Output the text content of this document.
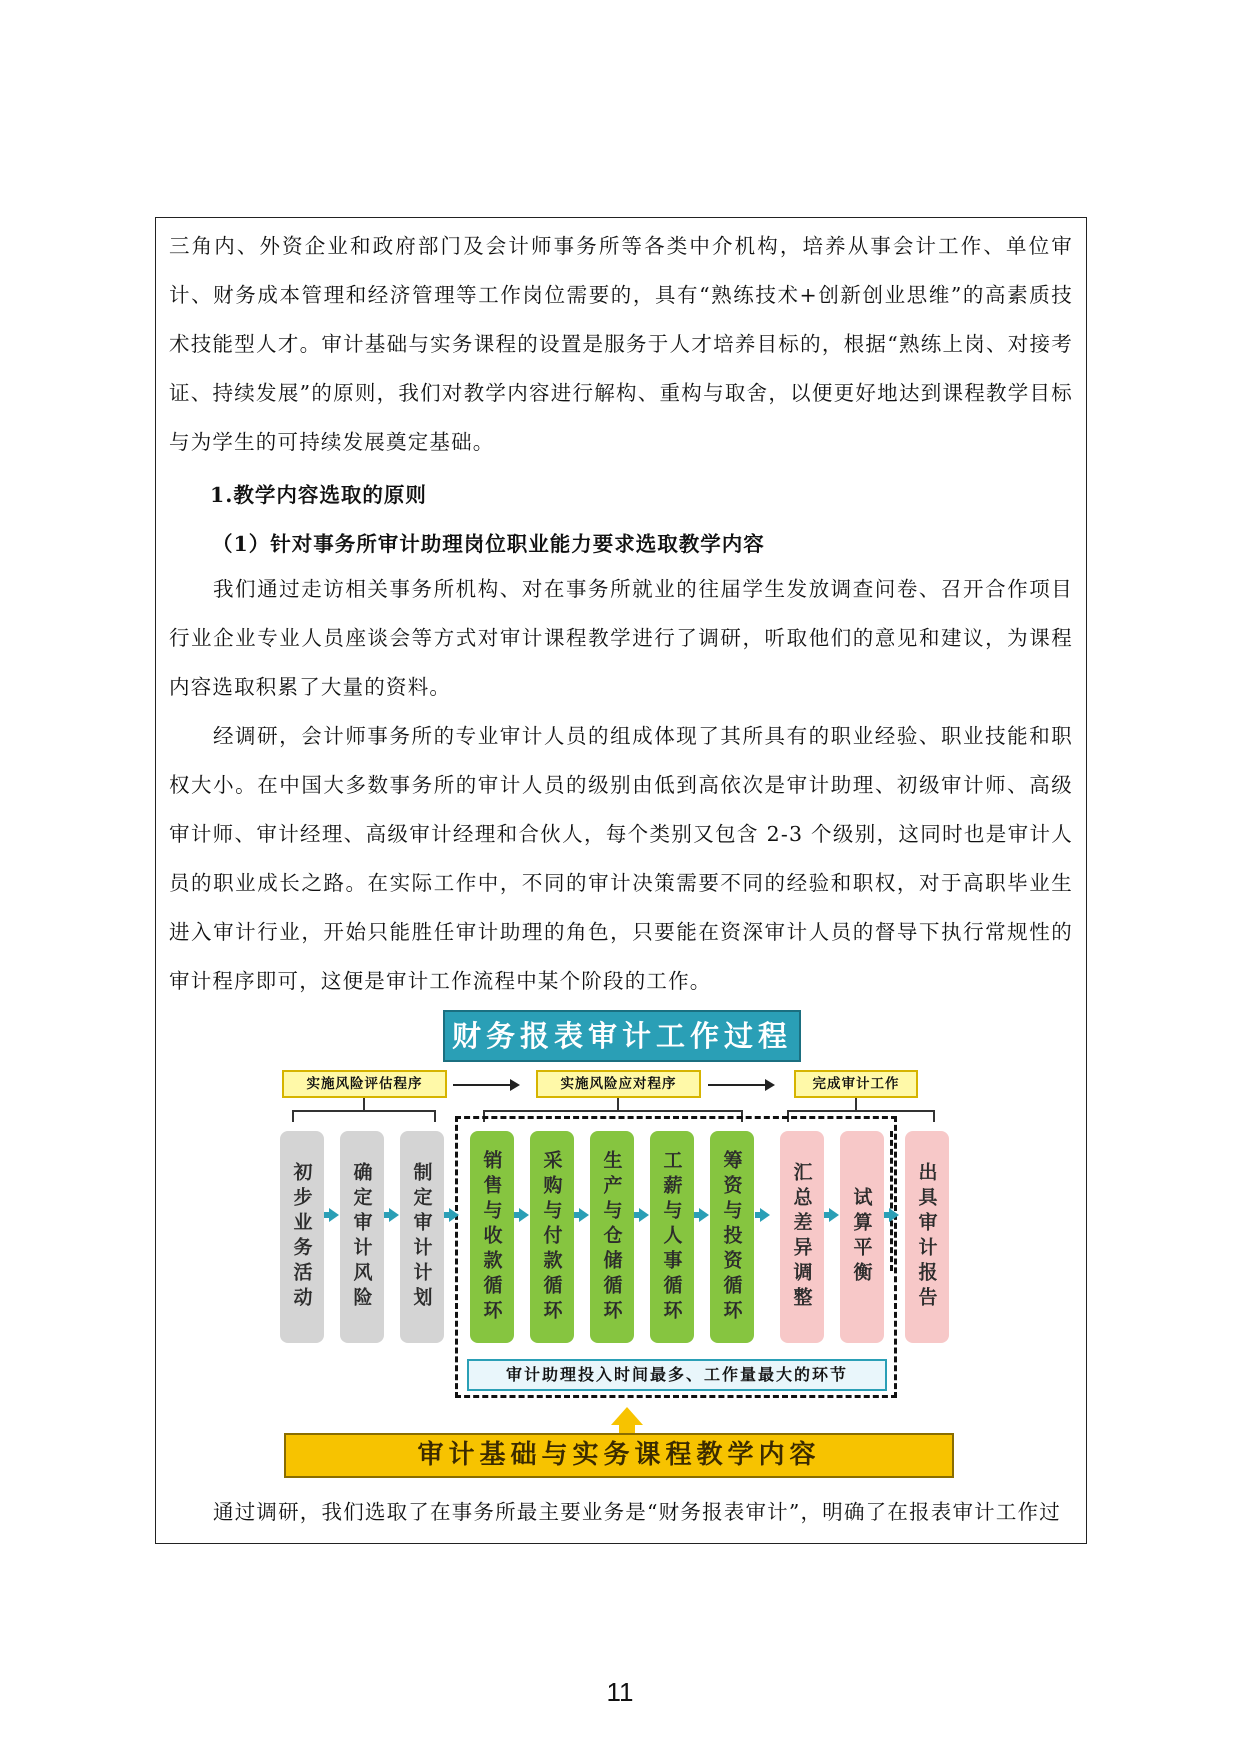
三角内、外资企业和政府部门及会计师事务所等各类中介机构，培养从事会计工作、单位审计、财务成本管理和经济管理等工作岗位需要的，具有“熟练技术+创新创业思维”的高素质技术技能型人才。审计基础与实务课程的设置是服务于人才培养目标的，根据“熟练上岗、对接考证、持续发展”的原则，我们对教学内容进行解构、重构与取舍，以便更好地达到课程教学目标与为学生的可持续发展奠定基础。

1.教学内容选取的原则
（1）针对事务所审计助理岗位职业能力要求选取教学内容

我们通过走访相关事务所机构、对在事务所就业的往届学生发放调查问卷、召开合作项目行业企业专业人员座谈会等方式对审计课程教学进行了调研，听取他们的意见和建议，为课程内容选取积累了大量的资料。

经调研，会计师事务所的专业审计人员的组成体现了其所具有的职业经验、职业技能和职权大小。在中国大多数事务所的审计人员的级别由低到高依次是审计助理、初级审计师、高级审计师、审计经理、高级审计经理和合伙人，每个类别又包含 2-3 个级别，这同时也是审计人员的职业成长之路。在实际工作中，不同的审计决策需要不同的经验和职权，对于高职毕业生进入审计行业，开始只能胜任审计助理的角色，只要能在资深审计人员的督导下执行常规性的审计程序即可，这便是审计工作流程中某个阶段的工作。

财务报表审计工作过程
实施风险评估程序	实施风险应对程序	完成审计工作
初步业务活动 确定审计风险 制定审计计划	销售与收款循环 采购与付款循环 生产与仓储循环 工薪与人事循环 筹资与投资循环	汇总差异调整 试算平衡 出具审计报告
审计助理投入时间最多、工作量最大的环节
审计基础与实务课程教学内容

通过调研，我们选取了在事务所最主要业务是“财务报表审计”，明确了在报表审计工作过

11
